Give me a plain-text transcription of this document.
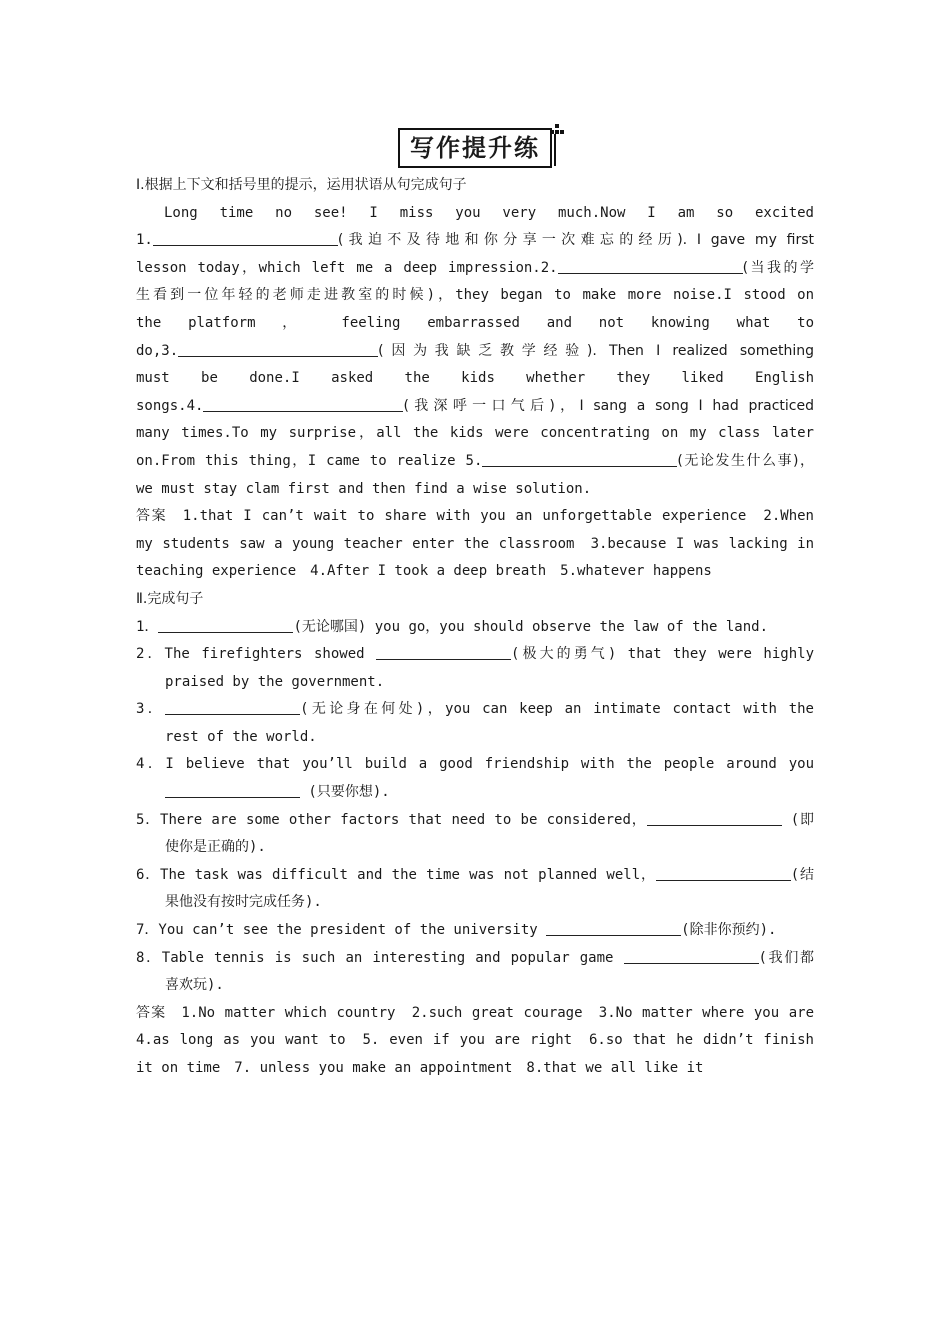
写作提升练
Ⅰ.根据上下文和括号里的提示，运用状语从句完成句子
Long time no see! I miss you very much.Now I am so excited
1.	(我迫不及待地和你分享一次难忘的经历). I gave my first
lesson today，which left me a deep impression.2.	(当我的学
生看到一位年轻的老师走进教室的时候)，they began to make more noise.I stood on
the platform ， feeling embarrassed and not knowing what to
do,3.	(因为我缺乏教学经验). Then I realized something
must be done.I asked the kids whether they liked English
songs.4.	(我深呼一口气后)，I sang a song I had practiced
many times.To my surprise，all the kids were concentrating on my class later
on.From this thing，I came to realize 5.	(无论发生什么事)，
we must stay clam first and then find a wise solution.
答案　1.that I can’t wait to share with you an unforgettable experience　2.When
my students saw a young teacher enter the classroom　3.because I was lacking in
teaching experience　4.After I took a deep breath　5.whatever happens
Ⅱ.完成句子
1．	(无论哪国) you go，you should observe the law of the land.
2．The firefighters showed	(极大的勇气) that they were highly
praised by the government.
3．	(无论身在何处)，you can keep an intimate contact with the
rest of the world.
4．I believe that you’ll build a good friendship with the people around you
(只要你想).
5．There are some other factors that need to be considered，	(即
使你是正确的).
6．The task was difficult and the time was not planned well，	(结
果他没有按时完成任务).
7．You can’t see the president of the university	(除非你预约).
8．Table tennis is such an interesting and popular game	(我们都
喜欢玩).
答案　1.No matter which country　2.such great courage　3.No matter where you are
4.as long as you want to　5. even if you are right　6.so that he didn’t finish
it on time　7. unless you make an appointment　8.that we all like it
